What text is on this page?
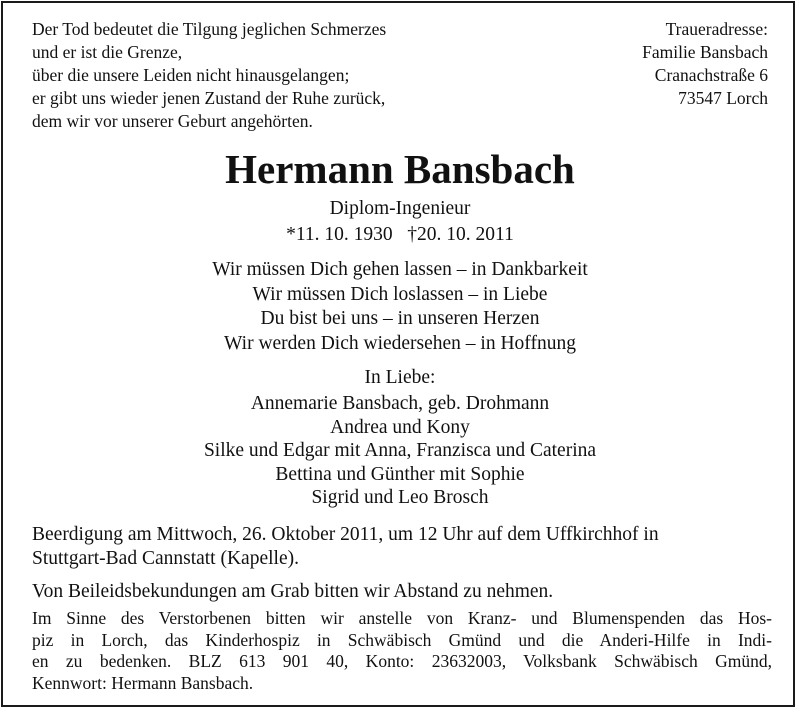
Der Tod bedeutet die Tilgung jeglichen Schmerzes
und er ist die Grenze,
über die unsere Leiden nicht hinausgelangen;
er gibt uns wieder jenen Zustand der Ruhe zurück,
dem wir vor unserer Geburt angehörten.
Traueradresse:
Familie Bansbach
Cranachstraße 6
73547 Lorch
Hermann Bansbach
Diplom-Ingenieur
*11. 10. 1930   †20. 10. 2011
Wir müssen Dich gehen lassen – in Dankbarkeit
Wir müssen Dich loslassen – in Liebe
Du bist bei uns – in unseren Herzen
Wir werden Dich wiedersehen – in Hoffnung
In Liebe:
Annemarie Bansbach, geb. Drohmann
Andrea und Kony
Silke und Edgar mit Anna, Franzisca und Caterina
Bettina und Günther mit Sophie
Sigrid und Leo Brosch
Beerdigung am Mittwoch, 26. Oktober 2011, um 12 Uhr auf dem Uffkirchhof in
Stuttgart-Bad Cannstatt (Kapelle).
Von Beileidsbekundungen am Grab bitten wir Abstand zu nehmen.
Im Sinne des Verstorbenen bitten wir anstelle von Kranz- und Blumenspenden das Hos-
piz in Lorch, das Kinderhospiz in Schwäbisch Gmünd und die Anderi-Hilfe in Indi-
en zu bedenken. BLZ 613 901 40, Konto: 23632003, Volksbank Schwäbisch Gmünd,
Kennwort: Hermann Bansbach.
